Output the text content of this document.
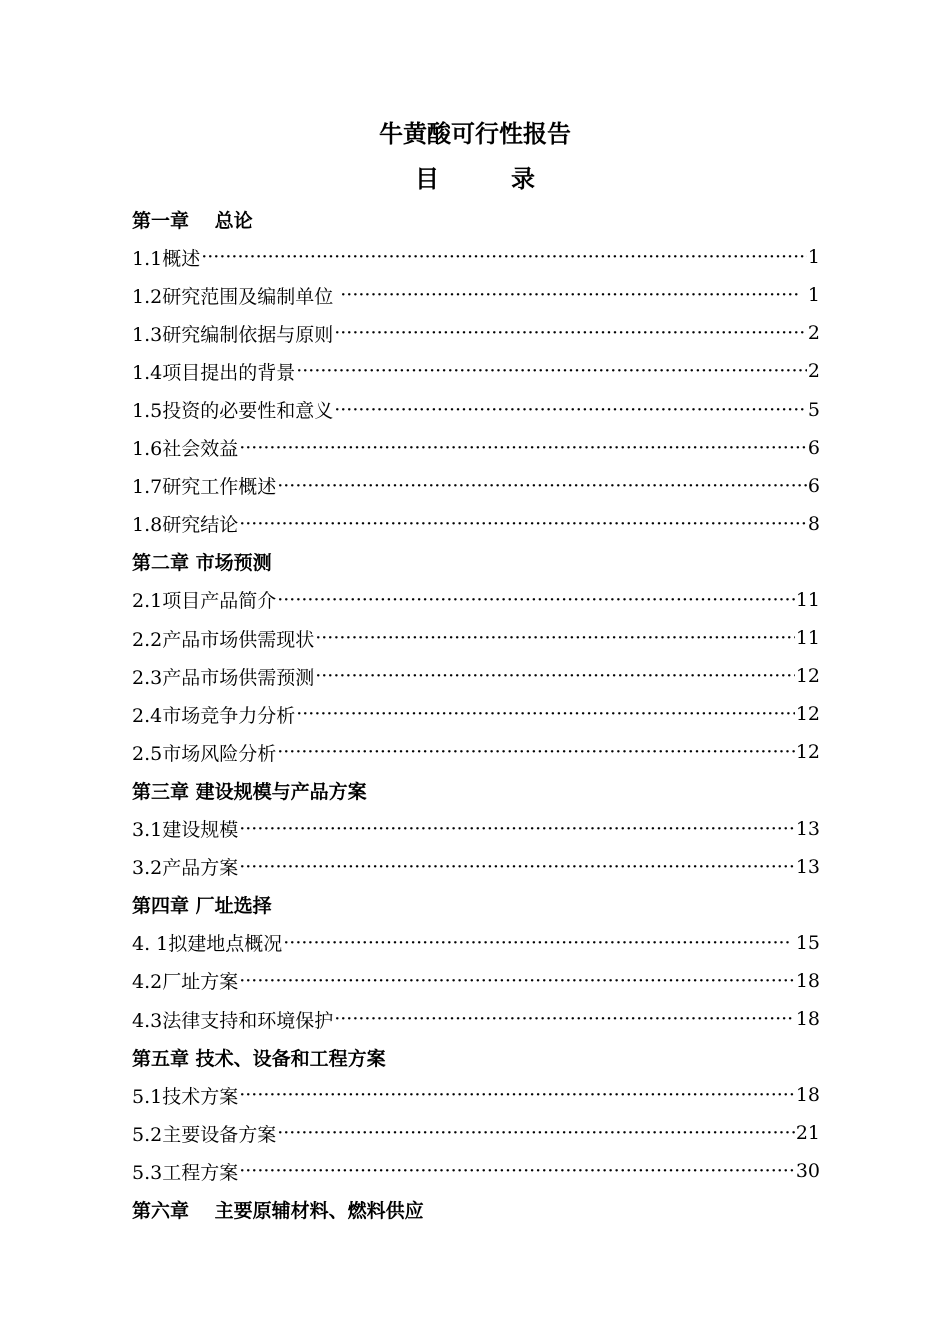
牛黄酸可行性报告
目　　　录
第一章　 总论
1.1概述 ·····	1
1.2研究范围及编制单位 ·····	1
1.3研究编制依据与原则 ·····	2
1.4项目提出的背景 ·····	2
1.5投资的必要性和意义 ·····	5
1.6社会效益 ·····	6
1.7研究工作概述 ·····	6
1.8研究结论 ·····	8
第二章 市场预测
2.1项目产品简介 ·····	11
2.2产品市场供需现状 ·····	11
2.3产品市场供需预测 ·····	12
2.4市场竞争力分析 ·····	12
2.5市场风险分析 ·····	12
第三章 建设规模与产品方案
3.1建设规模 ·····	13
3.2产品方案 ·····	13
第四章 厂址选择
4. 1拟建地点概况 ·····	15
4.2厂址方案 ·····	18
4.3法律支持和环境保护 ·····	18
第五章 技术、设备和工程方案
5.1技术方案 ·····	18
5.2主要设备方案 ·····	21
5.3工程方案 ·····	30
第六章　 主要原辅材料、燃料供应
